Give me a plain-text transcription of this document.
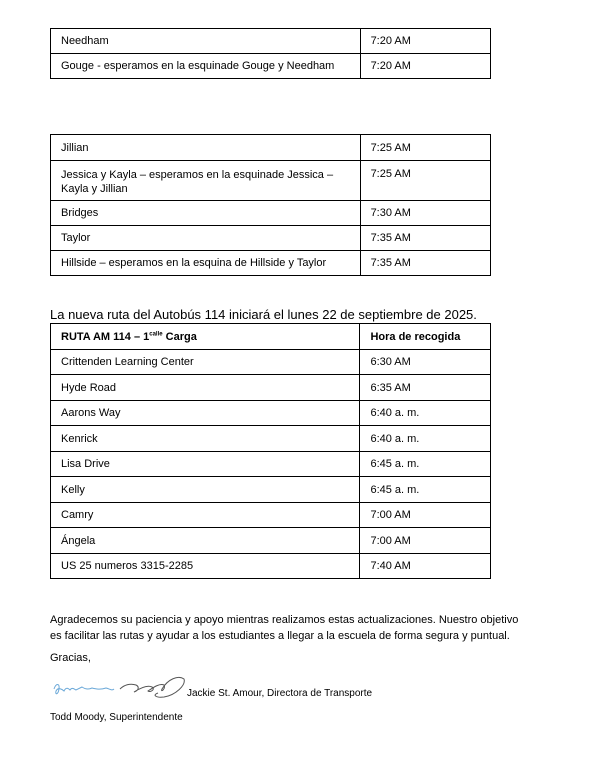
Needham	7:20 AM
Gouge - esperamos en la esquinade Gouge y Needham	7:20 AM
Jillian	7:25 AM

Jessica y Kayla – esperamos en la esquinade Jessica –
Kayla y Jillian	7:25 AM
Bridges	7:30 AM
Taylor	7:35 AM
Hillside – esperamos en la esquina de Hillside y Taylor	7:35 AM

La nueva ruta del Autobús 114 iniciará el lunes 22 de septiembre de 2025.

RUTA AM $114 - 1^{calle}$ Carga	Hora de recogida
Crittenden Learning Center	6:30 AM
Hyde Road	6:35 AM
Aarons Way	6:40 a. m.
Kenrick	6:40 a. m.
Lisa Drive	6:45 a. m.
Kelly	6:45 a. m.
Camry	7:00 AM
Ángela	7:00 AM
US 25 numeros 3315-2285	7:40 AM

Agradecemos su paciencia y apoyo mientras realizamos estas actualizaciones. Nuestro objetivo es facilitar las rutas y ayudar a los estudiantes a llegar a la escuela de forma segura y puntual.

Gracias,

Jackie St. Amour, Directora de Transporte

Todd Moody, Superintendente
